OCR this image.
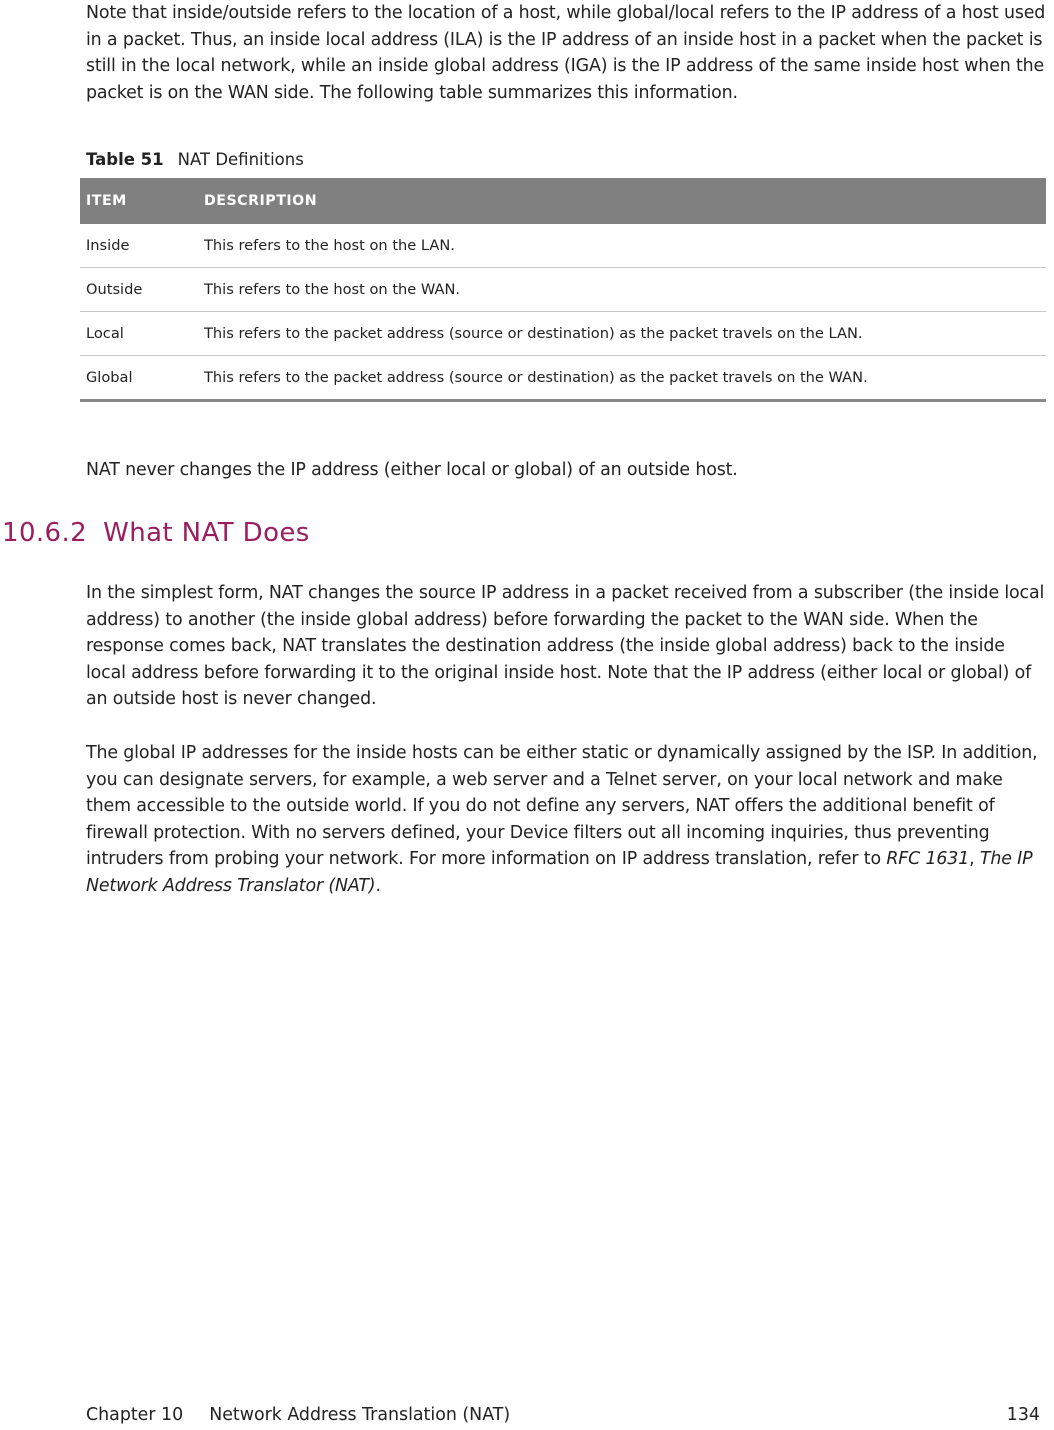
Note that inside/outside refers to the location of a host, while global/local refers to the IP address of a host used in a packet. Thus, an inside local address (ILA) is the IP address of an inside host in a packet when the packet is still in the local network, while an inside global address (IGA) is the IP address of the same inside host when the packet is on the WAN side. The following table summarizes this information.

Table 51 NAT Definitions

ITEM	DESCRIPTION
Inside	This refers to the host on the LAN.
Outside	This refers to the host on the WAN.
Local	This refers to the packet address (source or destination) as the packet travels on the LAN.
Global	This refers to the packet address (source or destination) as the packet travels on the WAN.

NAT never changes the IP address (either local or global) of an outside host.

10.6.2 What NAT Does

In the simplest form, NAT changes the source IP address in a packet received from a subscriber (the inside local address) to another (the inside global address) before forwarding the packet to the WAN side. When the response comes back, NAT translates the destination address (the inside global address) back to the inside local address before forwarding it to the original inside host. Note that the IP address (either local or global) of an outside host is never changed.

The global IP addresses for the inside hosts can be either static or dynamically assigned by the ISP. In addition, you can designate servers, for example, a web server and a Telnet server, on your local network and make them accessible to the outside world. If you do not define any servers, NAT offers the additional benefit of firewall protection. With no servers defined, your Device filters out all incoming inquiries, thus preventing intruders from probing your network. For more information on IP address translation, refer to RFC 1631, The IP Network Address Translator (NAT).

Chapter 10 Network Address Translation (NAT)	134
